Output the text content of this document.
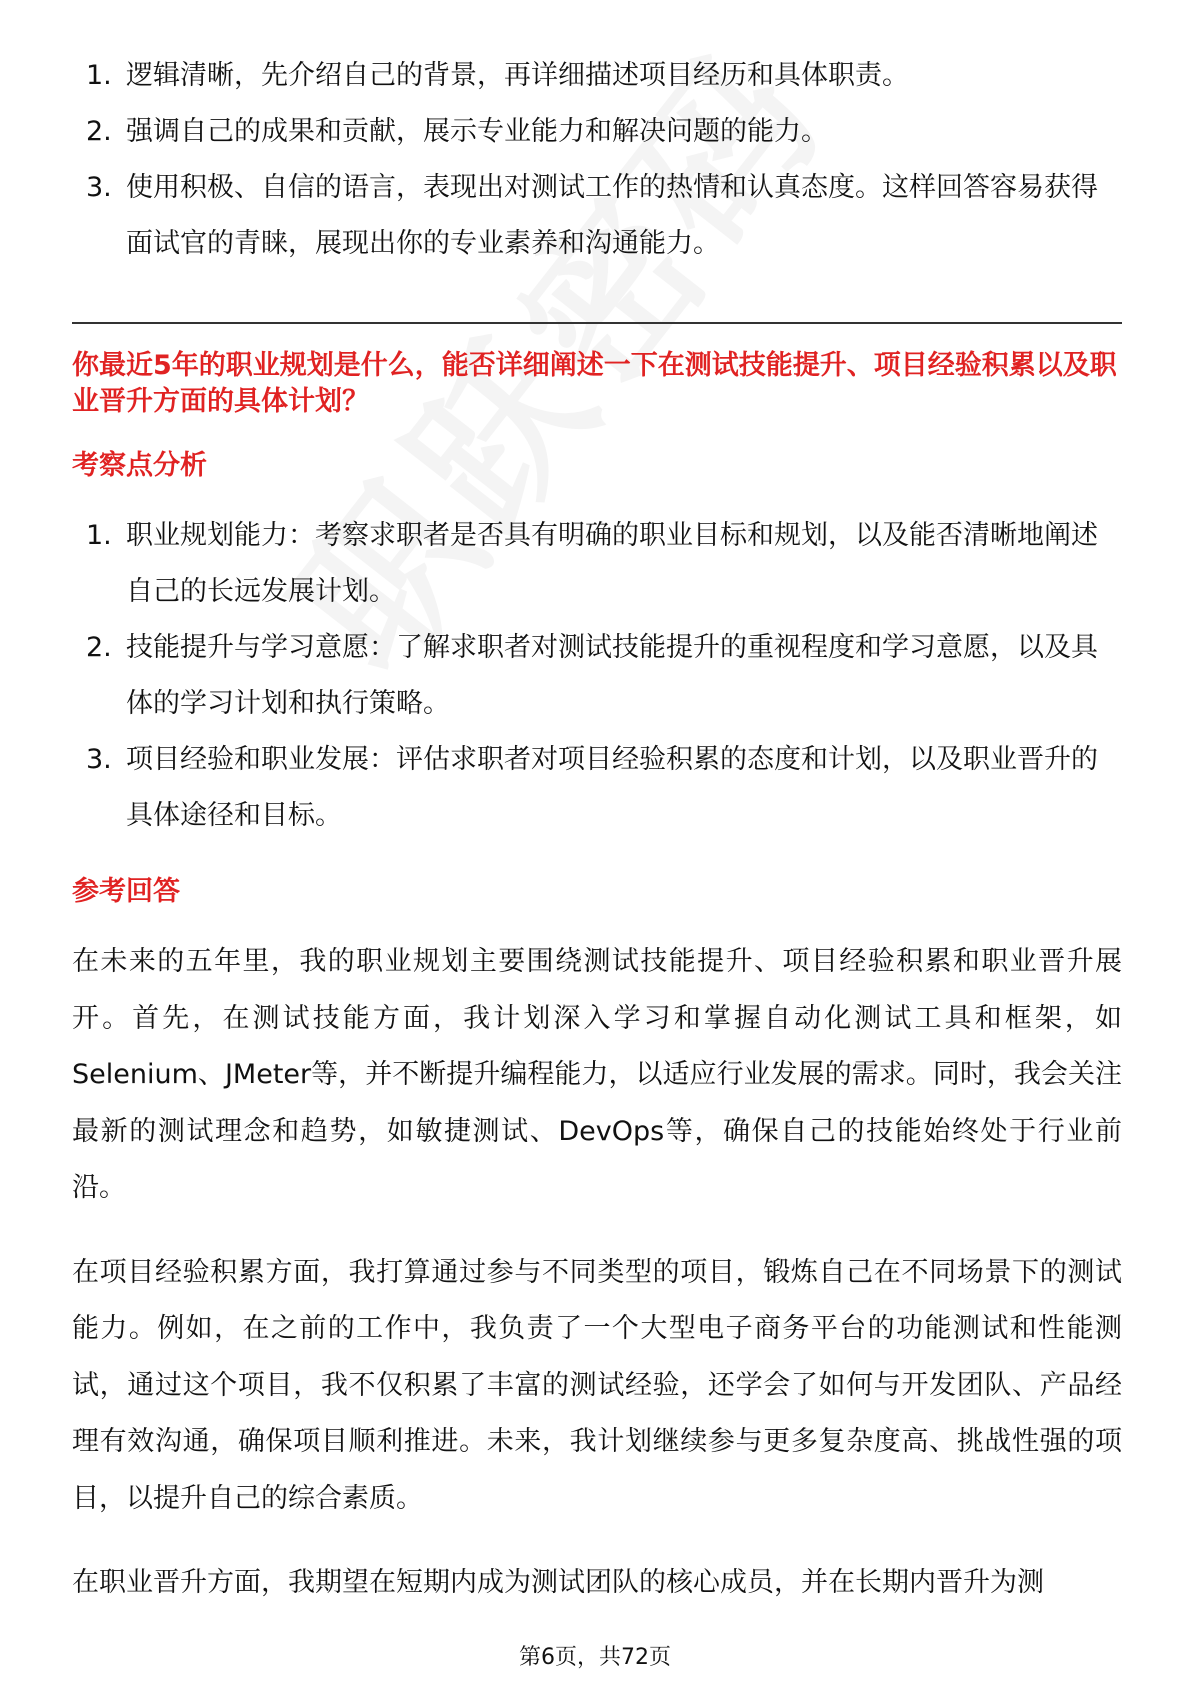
1. 逻辑清晰，先介绍自己的背景，再详细描述项目经历和具体职责。
2. 强调自己的成果和贡献，展示专业能力和解决问题的能力。
3. 使用积极、自信的语言，表现出对测试工作的热情和认真态度。这样回答容易获得面试官的青睐，展现出你的专业素养和沟通能力。

你最近5年的职业规划是什么，能否详细阐述一下在测试技能提升、项目经验积累以及职业晋升方面的具体计划？

考察点分析
1. 职业规划能力：考察求职者是否具有明确的职业目标和规划，以及能否清晰地阐述自己的长远发展计划。
2. 技能提升与学习意愿：了解求职者对测试技能提升的重视程度和学习意愿，以及具体的学习计划和执行策略。
3. 项目经验和职业发展：评估求职者对项目经验积累的态度和计划，以及职业晋升的具体途径和目标。
参考回答

在未来的五年里，我的职业规划主要围绕测试技能提升、项目经验积累和职业晋升展开。首先，在测试技能方面，我计划深入学习和掌握自动化测试工具和框架，如Selenium、JMeter等，并不断提升编程能力，以适应行业发展的需求。同时，我会关注最新的测试理念和趋势，如敏捷测试、DevOps等，确保自己的技能始终处于行业前沿。

在项目经验积累方面，我打算通过参与不同类型的项目，锻炼自己在不同场景下的测试能力。例如，在之前的工作中，我负责了一个大型电子商务平台的功能测试和性能测试，通过这个项目，我不仅积累了丰富的测试经验，还学会了如何与开发团队、产品经理有效沟通，确保项目顺利推进。未来，我计划继续参与更多复杂度高、挑战性强的项目，以提升自己的综合素质。

在职业晋升方面，我期望在短期内成为测试团队的核心成员，并在长期内晋升为测

第6页，共72页
